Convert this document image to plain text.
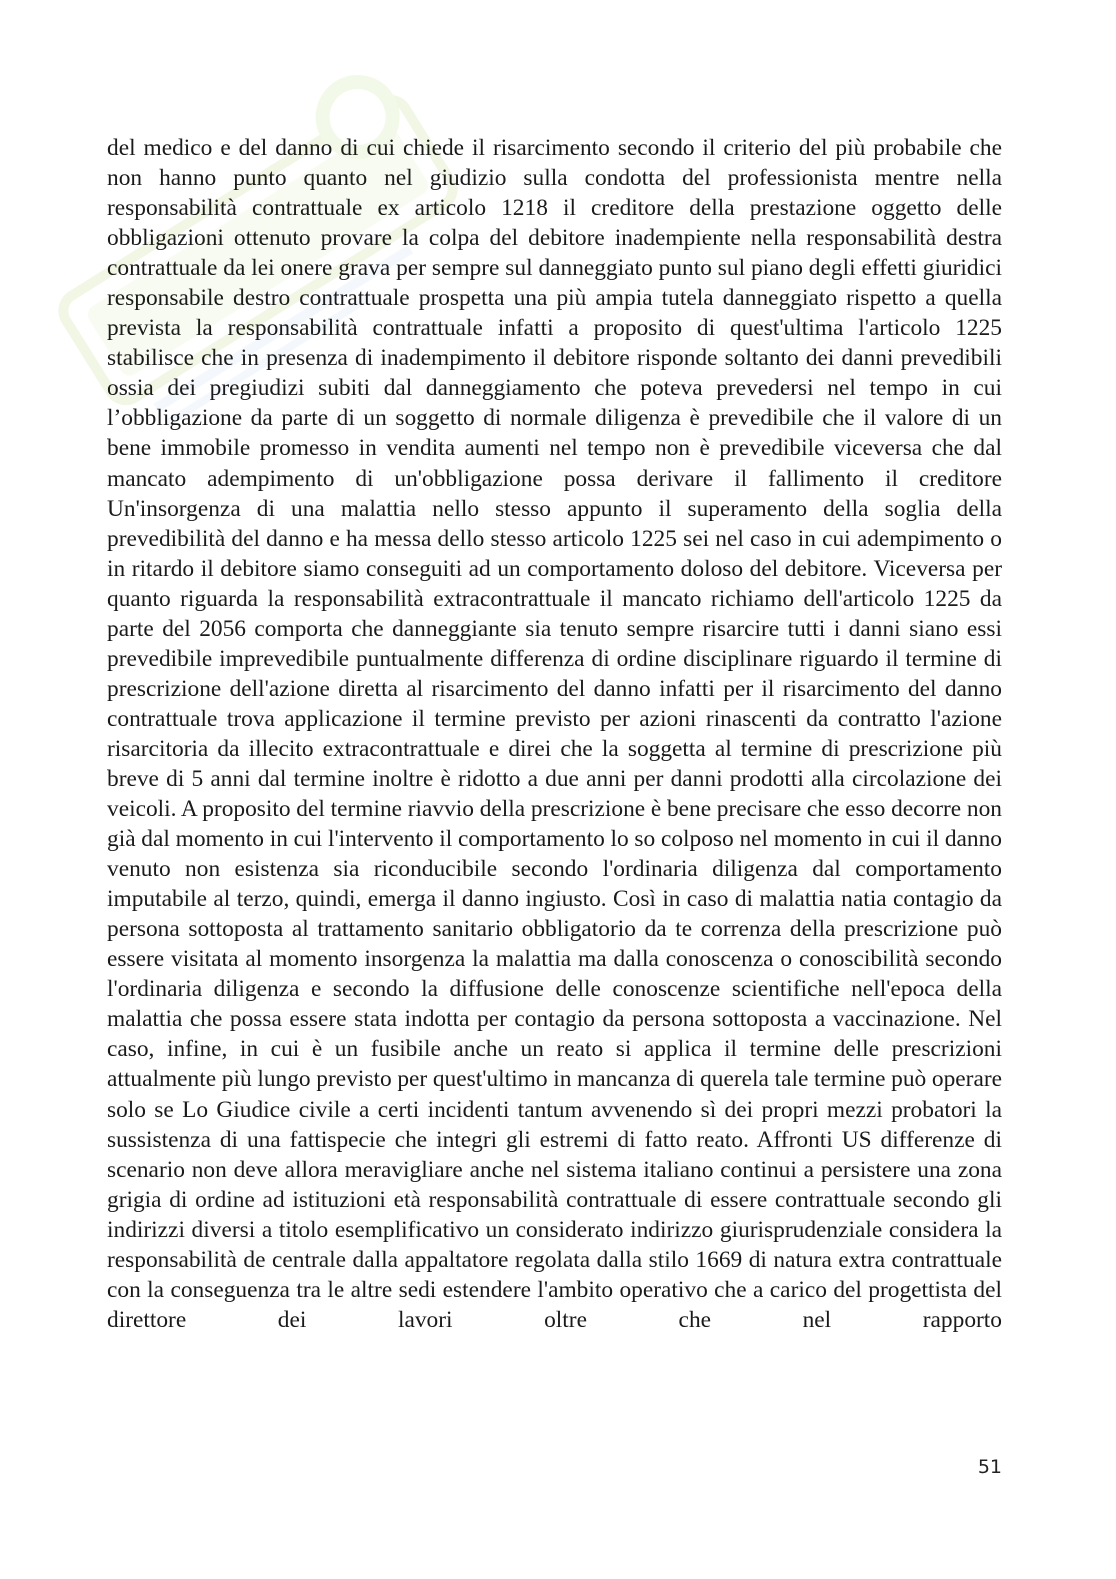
del medico e del danno di cui chiede il risarcimento secondo il criterio del più probabile che non hanno punto quanto nel giudizio sulla condotta del professionista mentre nella responsabilità contrattuale ex articolo 1218 il creditore della prestazione oggetto delle obbligazioni ottenuto provare la colpa del debitore inadempiente nella responsabilità destra contrattuale da lei onere grava per sempre sul danneggiato punto sul piano degli effetti giuridici responsabile destro contrattuale prospetta una più ampia tutela danneggiato rispetto a quella prevista la responsabilità contrattuale infatti a proposito di quest'ultima l'articolo 1225 stabilisce che in presenza di inadempimento il debitore risponde soltanto dei danni prevedibili ossia dei pregiudizi subiti dal danneggiamento che poteva prevedersi nel tempo in cui l’obbligazione da parte di un soggetto di normale diligenza è prevedibile che il valore di un bene immobile promesso in vendita aumenti nel tempo non è prevedibile viceversa che dal mancato adempimento di un'obbligazione possa derivare il fallimento il creditore Un'insorgenza di una malattia nello stesso appunto il superamento della soglia della prevedibilità del danno e ha messa dello stesso articolo 1225 sei nel caso in cui adempimento o in ritardo il debitore siamo conseguiti ad un comportamento doloso del debitore. Viceversa per quanto riguarda la responsabilità extracontrattuale il mancato richiamo dell'articolo 1225 da parte del 2056 comporta che danneggiante sia tenuto sempre risarcire tutti i danni siano essi prevedibile imprevedibile puntualmente differenza di ordine disciplinare riguardo il termine di prescrizione dell'azione diretta al risarcimento del danno infatti per il risarcimento del danno contrattuale trova applicazione il termine previsto per azioni rinascenti da contratto l'azione risarcitoria da illecito extracontrattuale e direi che la soggetta al termine di prescrizione più breve di 5 anni dal termine inoltre è ridotto a due anni per danni prodotti alla circolazione dei veicoli. A proposito del termine riavvio della prescrizione è bene precisare che esso decorre non già dal momento in cui l'intervento il comportamento lo so colposo nel momento in cui il danno venuto non esistenza sia riconducibile secondo l'ordinaria diligenza dal comportamento imputabile al terzo, quindi, emerga il danno ingiusto. Così in caso di malattia natia contagio da persona sottoposta al trattamento sanitario obbligatorio da te correnza della prescrizione può essere visitata al momento insorgenza la malattia ma dalla conoscenza o conoscibilità secondo l'ordinaria diligenza e secondo la diffusione delle conoscenze scientifiche nell'epoca della malattia che possa essere stata indotta per contagio da persona sottoposta a vaccinazione. Nel caso, infine, in cui è un fusibile anche un reato si applica il termine delle prescrizioni attualmente più lungo previsto per quest'ultimo in mancanza di querela tale termine può operare solo se Lo Giudice civile a certi incidenti tantum avvenendo sì dei propri mezzi probatori la sussistenza di una fattispecie che integri gli estremi di fatto reato. Affronti US differenze di scenario non deve allora meravigliare anche nel sistema italiano continui a persistere una zona grigia di ordine ad istituzioni età responsabilità contrattuale di essere contrattuale secondo gli indirizzi diversi a titolo esemplificativo un considerato indirizzo giurisprudenziale considera la responsabilità de centrale dalla appaltatore regolata dalla stilo 1669 di natura extra contrattuale con la conseguenza tra le altre sedi estendere l'ambito operativo che a carico del progettista del direttore dei lavori oltre che nel rapporto

51
